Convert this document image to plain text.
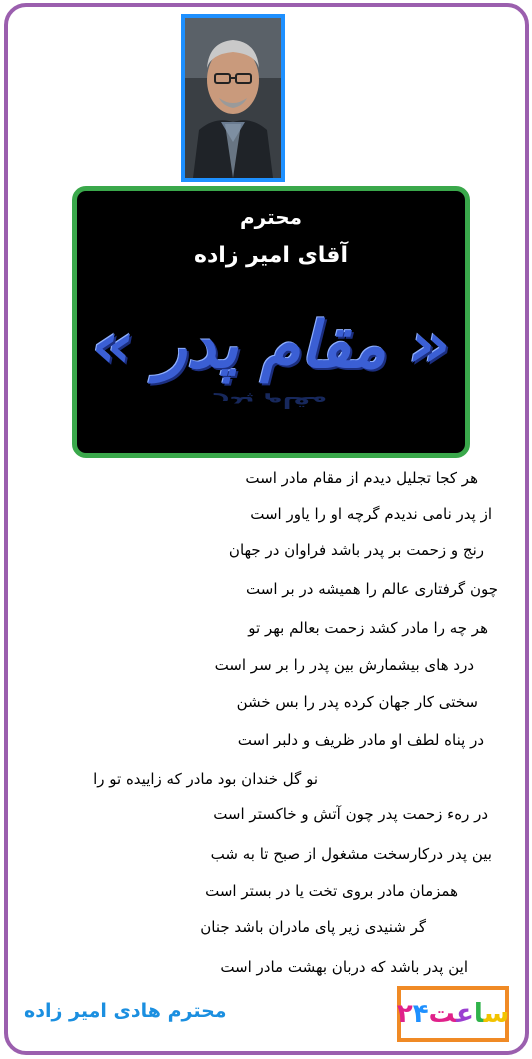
محترم
آقای امیر زاده
« مقام پدر »
مقام پدر
هر کجا تجلیل دیدم از مقام مادر است
از پدر نامی ندیدم گرچه او را یاور است
رنج و زحمت بر پدر باشد فراوان در جهان
چون گرفتاری عالم را همیشه در بر است
هر چه را مادر کشد زحمت بعالم بهر تو
درد های بیشمارش بین پدر را بر سر است
سختی کار جهان کرده پدر را بس خشن
در پناه لطف او مادر ظریف و دلبر است
نو گل خندان بود مادر که زاییده تو را
در رهء زحمت پدر چون آتش و خاکستر است
بین پدر درکارسخت مشغول از صبح تا به شب
همزمان مادر بروی تخت یا در بستر است
گر شنیدی زیر پای مادران باشد جنان
این پدر باشد که دربان بهشت مادر است
محترم هادی امیر زاده	۲۴ ساعت
